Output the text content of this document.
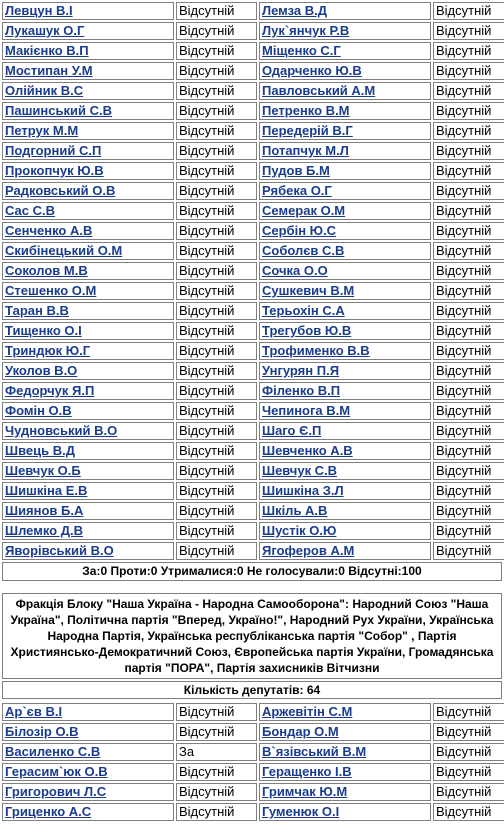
Левцун В.І	Відсутній	Лемза В.Д	Відсутній
Лукашук О.Г	Відсутній	Лук`янчук Р.В	Відсутній
Макієнко В.П	Відсутній	Міщенко С.Г	Відсутній
Мостипан У.М	Відсутній	Одарченко Ю.В	Відсутній
Олійник В.С	Відсутній	Павловський А.М	Відсутній
Пашинський С.В	Відсутній	Петренко В.М	Відсутній
Петрук М.М	Відсутній	Передерій В.Г	Відсутній
Подгорний С.П	Відсутній	Потапчук М.Л	Відсутній
Прокопчук Ю.В	Відсутній	Пудов Б.М	Відсутній
Радковський О.В	Відсутній	Рябека О.Г	Відсутній
Сас С.В	Відсутній	Семерак О.М	Відсутній
Сенченко А.В	Відсутній	Сербін Ю.С	Відсутній
Скибінецький О.М	Відсутній	Соболєв С.В	Відсутній
Соколов М.В	Відсутній	Сочка О.О	Відсутній
Стешенко О.М	Відсутній	Сушкевич В.М	Відсутній
Таран В.В	Відсутній	Терьохін С.А	Відсутній
Тищенко О.І	Відсутній	Трегубов Ю.В	Відсутній
Триндюк Ю.Г	Відсутній	Трофименко В.В	Відсутній
Уколов В.О	Відсутній	Унгурян П.Я	Відсутній
Федорчук Я.П	Відсутній	Філенко В.П	Відсутній
Фомін О.В	Відсутній	Чепинога В.М	Відсутній
Чудновський В.О	Відсутній	Шаго Є.П	Відсутній
Швець В.Д	Відсутній	Шевченко А.В	Відсутній
Шевчук О.Б	Відсутній	Шевчук С.В	Відсутній
Шишкіна Е.В	Відсутній	Шишкіна З.Л	Відсутній
Шиянов Б.А	Відсутній	Шкіль А.В	Відсутній
Шлемко Д.В	Відсутній	Шустік О.Ю	Відсутній
Яворівський В.О	Відсутній	Ягоферов А.М	Відсутній
За:0 Проти:0 Утрималися:0 Не голосували:0 Відсутні:100
Фракція Блоку "Наша Україна - Народна Самооборона": Народний Союз "Наша Україна", Політична партія "Вперед, Україно!", Народний Рух України, Українська Народна Партія, Українська республіканська партія "Собор" , Партія Християнсько-Демократичний Союз, Європейська партія України, Громадянська партія "ПОРА", Партія захисників Вітчизни
Кількість депутатів: 64
Ар`єв В.І	Відсутній	Аржевітін С.М	Відсутній
Білозір О.В	Відсутній	Бондар О.М	Відсутній
Василенко С.В	За	В`язівський В.М	Відсутній
Герасим`юк О.В	Відсутній	Геращенко І.В	Відсутній
Григорович Л.С	Відсутній	Гримчак Ю.М	Відсутній
Гриценко А.С	Відсутній	Гуменюк О.І	Відсутній
